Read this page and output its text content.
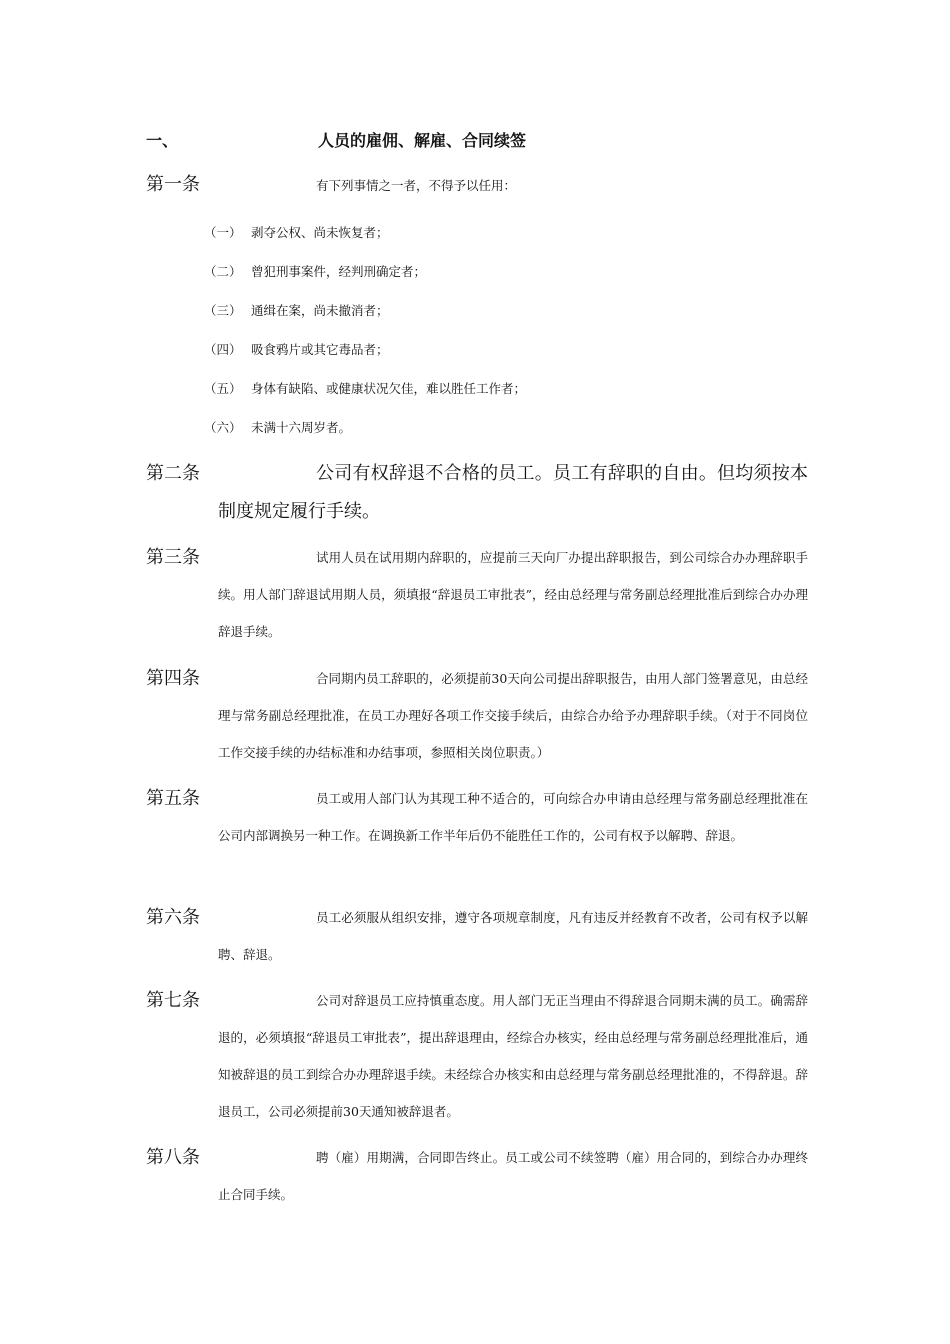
一、	人员的雇佣、解雇、合同续签
第一条	有下列事情之一者，不得予以任用：
（一） 剥夺公权、尚未恢复者；
（二） 曾犯刑事案件，经判刑确定者；
（三） 通缉在案，尚未撤消者；
（四） 吸食鸦片或其它毒品者；
（五） 身体有缺陷、或健康状况欠佳，难以胜任工作者；
（六） 未满十六周岁者。
第二条	公司有权辞退不合格的员工。员工有辞职的自由。但均须按本制度规定履行手续。
第三条	试用人员在试用期内辞职的，应提前三天向厂办提出辞职报告，到公司综合办办理辞职手续。用人部门辞退试用期人员，须填报“辞退员工审批表”，经由总经理与常务副总经理批准后到综合办办理辞退手续。
第四条	合同期内员工辞职的，必须提前30天向公司提出辞职报告，由用人部门签署意见，由总经理与常务副总经理批准，在员工办理好各项工作交接手续后，由综合办给予办理辞职手续。（对于不同岗位工作交接手续的办结标准和办结事项，参照相关岗位职责。）
第五条	员工或用人部门认为其现工种不适合的，可向综合办申请由总经理与常务副总经理批准在公司内部调换另一种工作。在调换新工作半年后仍不能胜任工作的，公司有权予以解聘、辞退。
第六条	员工必须服从组织安排，遵守各项规章制度，凡有违反并经教育不改者，公司有权予以解聘、辞退。
第七条	公司对辞退员工应持慎重态度。用人部门无正当理由不得辞退合同期未满的员工。确需辞退的，必须填报“辞退员工审批表”，提出辞退理由，经综合办核实，经由总经理与常务副总经理批准后，通知被辞退的员工到综合办办理辞退手续。未经综合办核实和由总经理与常务副总经理批准的，不得辞退。辞退员工，公司必须提前30天通知被辞退者。
第八条	聘（雇）用期满，合同即告终止。员工或公司不续签聘（雇）用合同的，到综合办办理终止合同手续。
